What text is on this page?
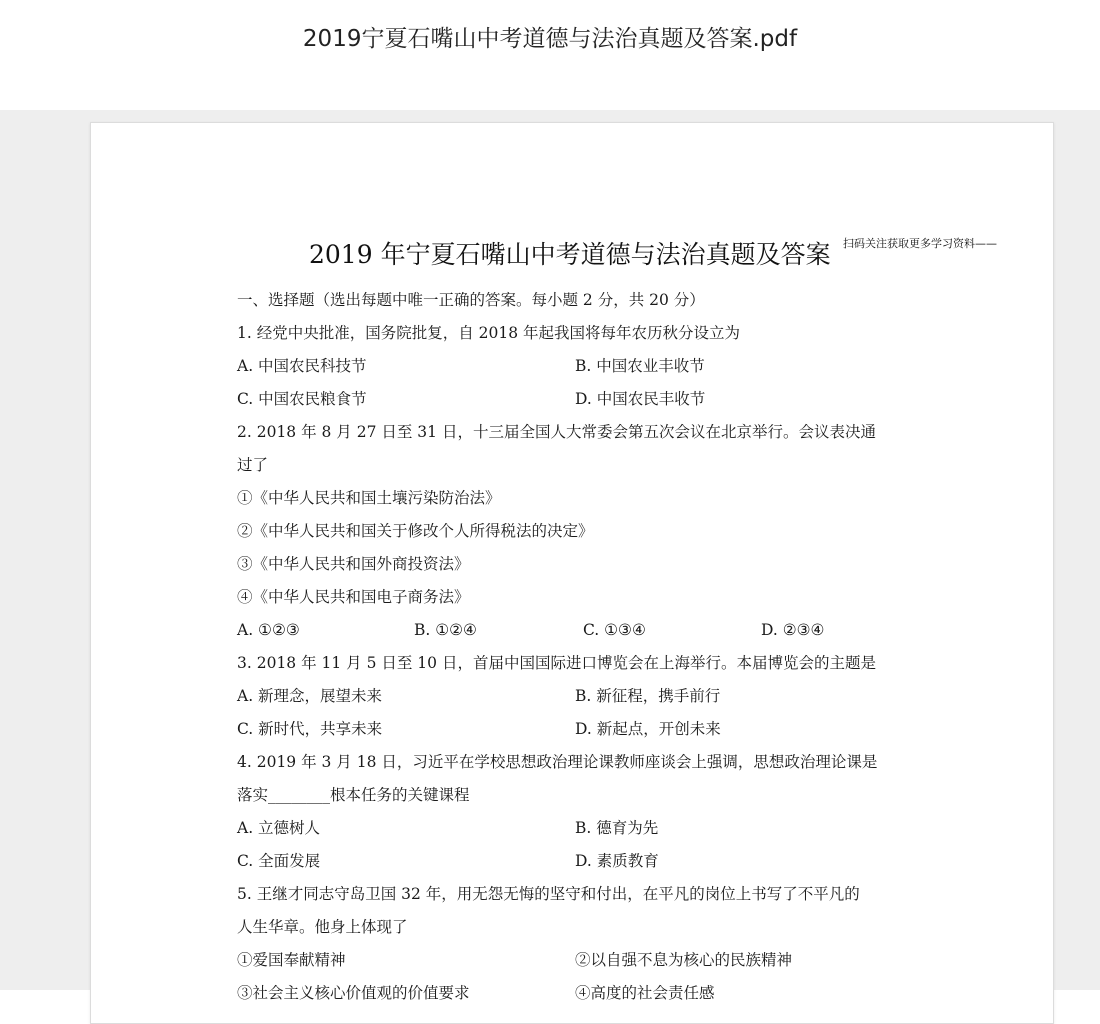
2019宁夏石嘴山中考道德与法治真题及答案.pdf
扫码关注获取更多学习资料——
2019 年宁夏石嘴山中考道德与法治真题及答案
一、选择题（选出每题中唯一正确的答案。每小题 2 分，共 20 分）
1. 经党中央批准，国务院批复，自 2018 年起我国将每年农历秋分设立为
A. 中国农民科技节	B. 中国农业丰收节
C. 中国农民粮食节	D. 中国农民丰收节
2. 2018 年 8 月 27 日至 31 日，十三届全国人大常委会第五次会议在北京举行。会议表决通
过了
①《中华人民共和国土壤污染防治法》
②《中华人民共和国关于修改个人所得税法的决定》
③《中华人民共和国外商投资法》
④《中华人民共和国电子商务法》
A. ①②③	B. ①②④	C. ①③④	D. ②③④
3. 2018 年 11 月 5 日至 10 日，首届中国国际进口博览会在上海举行。本届博览会的主题是
A. 新理念，展望未来	B. 新征程，携手前行
C. 新时代，共享未来	D. 新起点，开创未来
4. 2019 年 3 月 18 日，习近平在学校思想政治理论课教师座谈会上强调，思想政治理论课是
落实________根本任务的关键课程
A. 立德树人	B. 德育为先
C. 全面发展	D. 素质教育
5. 王继才同志守岛卫国 32 年，用无怨无悔的坚守和付出，在平凡的岗位上书写了不平凡的
人生华章。他身上体现了
①爱国奉献精神	②以自强不息为核心的民族精神
③社会主义核心价值观的价值要求	④高度的社会责任感
